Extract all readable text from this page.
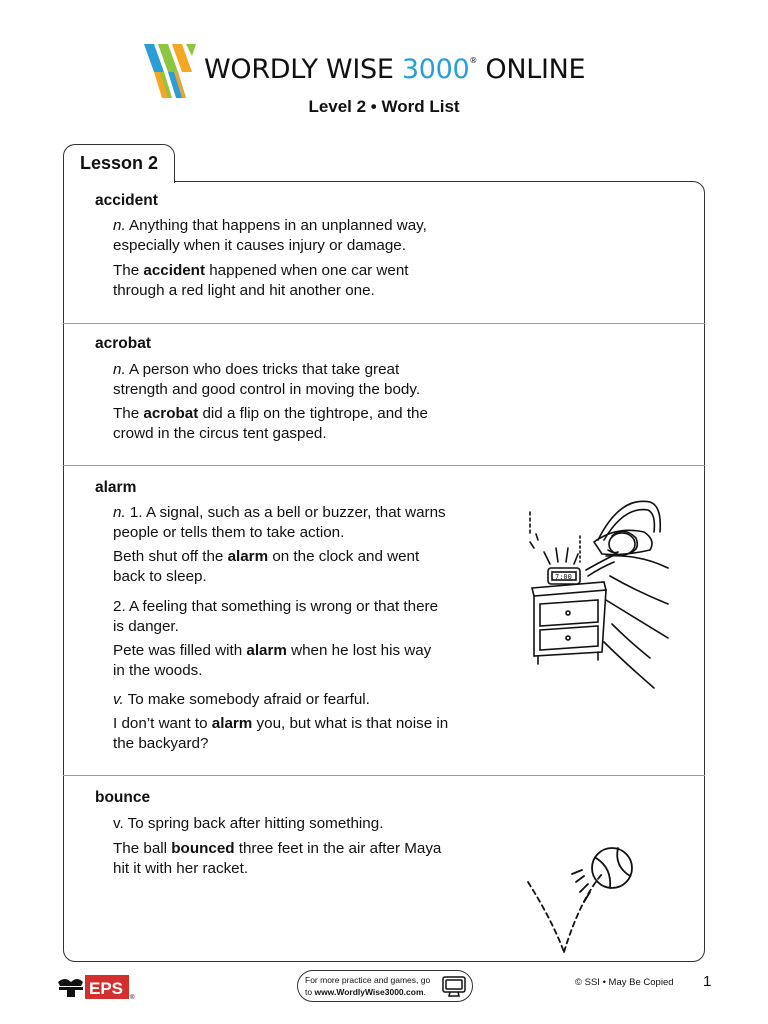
WORDLY WISE 3000® ONLINE
Level 2 • Word List
Lesson 2
accident
n. Anything that happens in an unplanned way,
especially when it causes injury or damage.
The accident happened when one car went
through a red light and hit another one.
acrobat
n. A person who does tricks that take great
strength and good control in moving the body.
The acrobat did a flip on the tightrope, and the
crowd in the circus tent gasped.
alarm
n. 1. A signal, such as a bell or buzzer, that warns
people or tells them to take action.
Beth shut off the alarm on the clock and went
back to sleep.
2. A feeling that something is wrong or that there
is danger.
Pete was filled with alarm when he lost his way
in the woods.
v. To make somebody afraid or fearful.
I don’t want to alarm you, but what is that noise in
the backyard?
7:00
bounce
v. To spring back after hitting something.
The ball bounced three feet in the air after Maya
hit it with her racket.
EPS ®
For more practice and games, go
to www.WordlyWise3000.com.
© SSI • May Be Copied 1
